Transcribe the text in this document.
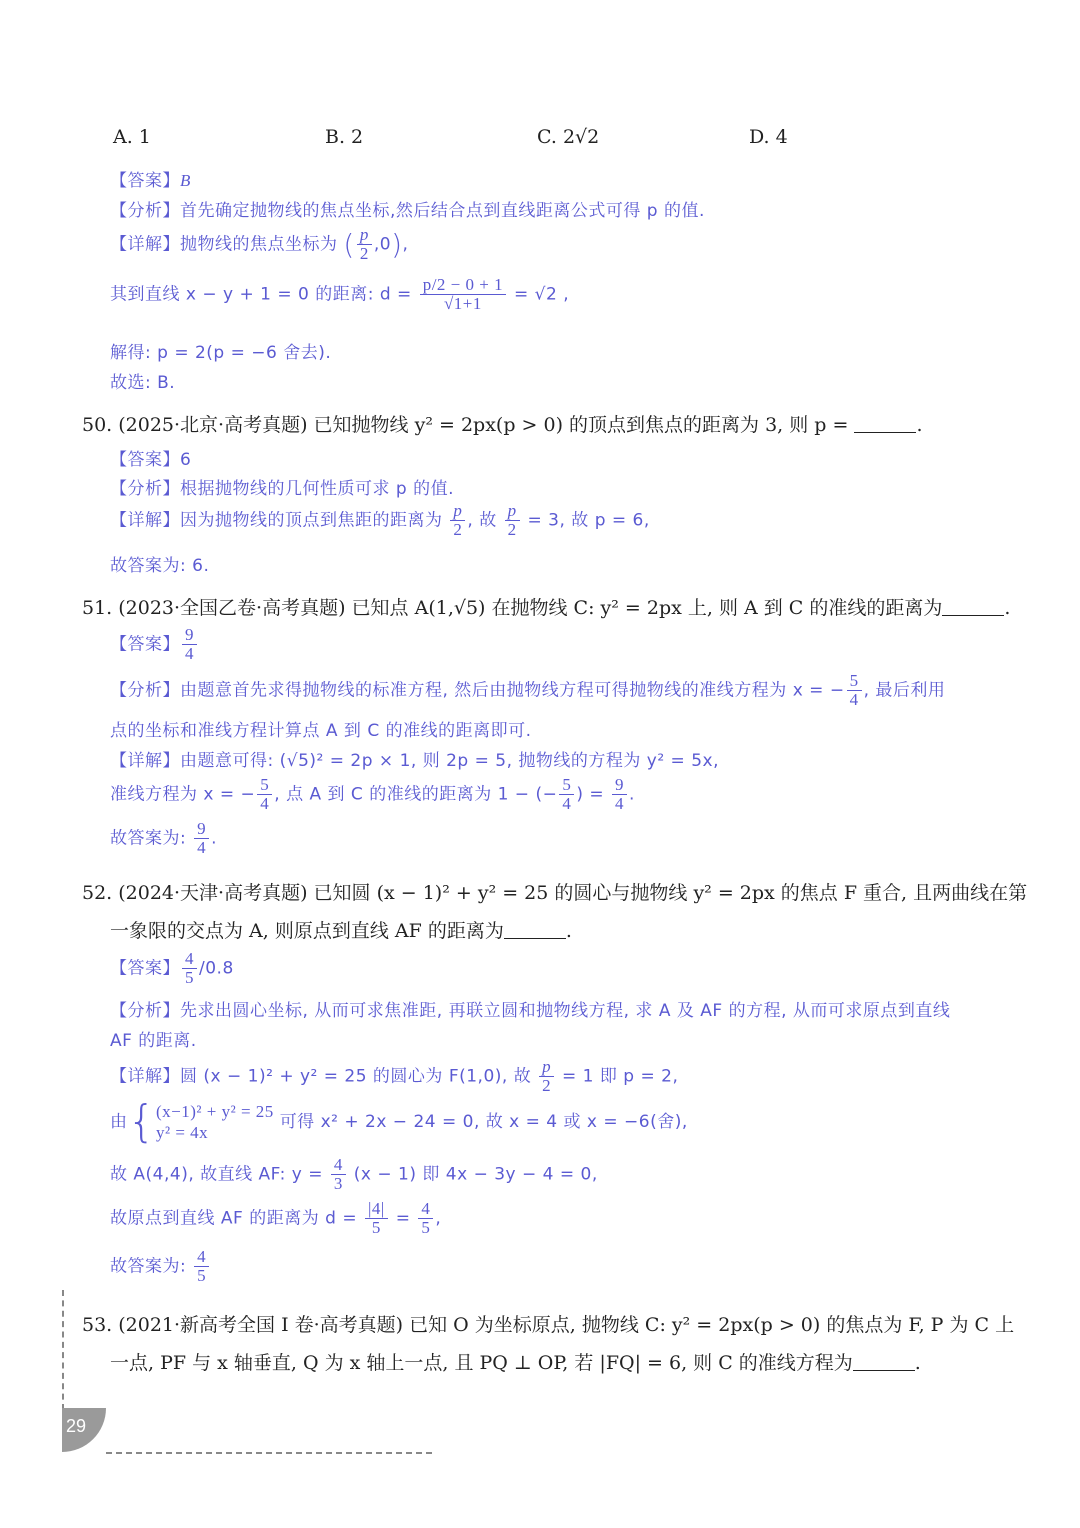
A. 1	B. 2	C. 2√2	D. 4
【答案】B
【分析】首先确定抛物线的焦点坐标,然后结合点到直线距离公式可得 p 的值.
【详解】抛物线的焦点坐标为 ( $\frac{p}{2} ,0$),
其到直线 x − y + 1 = 0 的距离: $d = \frac{p/2 - 0 + 1}{√1+1} = √2$ ,
解得: p = 2(p = −6 舍去).
故选: B.
50. (2025·北京·高考真题) 已知抛物线 y² = 2px(p > 0) 的顶点到焦点的距离为 3, 则 p =	.
【答案】6
【分析】根据抛物线的几何性质可求 p 的值.
【详解】因为抛物线的顶点到焦距的距离为 $\frac{p}{2}$ , 故 $\frac{p}{2} = 3$, 故 p = 6,
故答案为: 6.
51. (2023·全国乙卷·高考真题) 已知点 A(1,√5) 在抛物线 C: y² = 2px 上, 则 A 到 C 的准线的距离为	.
【答案】 $\frac{9}{4}$
【分析】由题意首先求得抛物线的标准方程, 然后由抛物线方程可得抛物线的准线方程为 x = − $\frac{5}{4}$ , 最后利用
点的坐标和准线方程计算点 A 到 C 的准线的距离即可.
【详解】由题意可得: (√5)² = 2p × 1, 则 2p = 5, 抛物线的方程为 y² = 5x,
准线方程为 x = − $\frac{5}{4}$ , 点 A 到 C 的准线的距离为 1 − (− $\frac{5}{4}$ ) = $\frac{9}{4}$ .
故答案为: $\frac{9}{4}$ .
52. (2024·天津·高考真题) 已知圆 (x − 1)² + y² = 25 的圆心与抛物线 y² = 2px 的焦点 F 重合, 且两曲线在第
一象限的交点为 A, 则原点到直线 AF 的距离为	.
【答案】 $\frac{4}{5} /0.8$
【分析】先求出圆心坐标, 从而可求焦准距, 再联立圆和抛物线方程, 求 A 及 AF 的方程, 从而可求原点到直线
AF 的距离.
【详解】圆 (x − 1)² + y² = 25 的圆心为 F(1,0), 故 $\frac{p}{2} = 1$ 即 p = 2,
由{ (x−1)² + y² = 25
y² = 4x
可得 x² + 2x − 24 = 0, 故 x = 4 或 x = −6(舍),
故 A(4,4), 故直线 AF: $y = \frac{4}{3} (x - 1)$ 即 4x − 3y − 4 = 0,
故原点到直线 AF 的距离为 $d = \frac{|4|}{5} = \frac{4}{5}$ ,
故答案为: $\frac{4}{5}$
53. (2021·新高考全国 Ⅰ 卷·高考真题) 已知 O 为坐标原点, 抛物线 C: y² = 2px(p > 0) 的焦点为 F, P 为 C 上
一点, PF 与 x 轴垂直, Q 为 x 轴上一点, 且 PQ ⊥ OP, 若 |FQ| = 6, 则 C 的准线方程为	.
29
